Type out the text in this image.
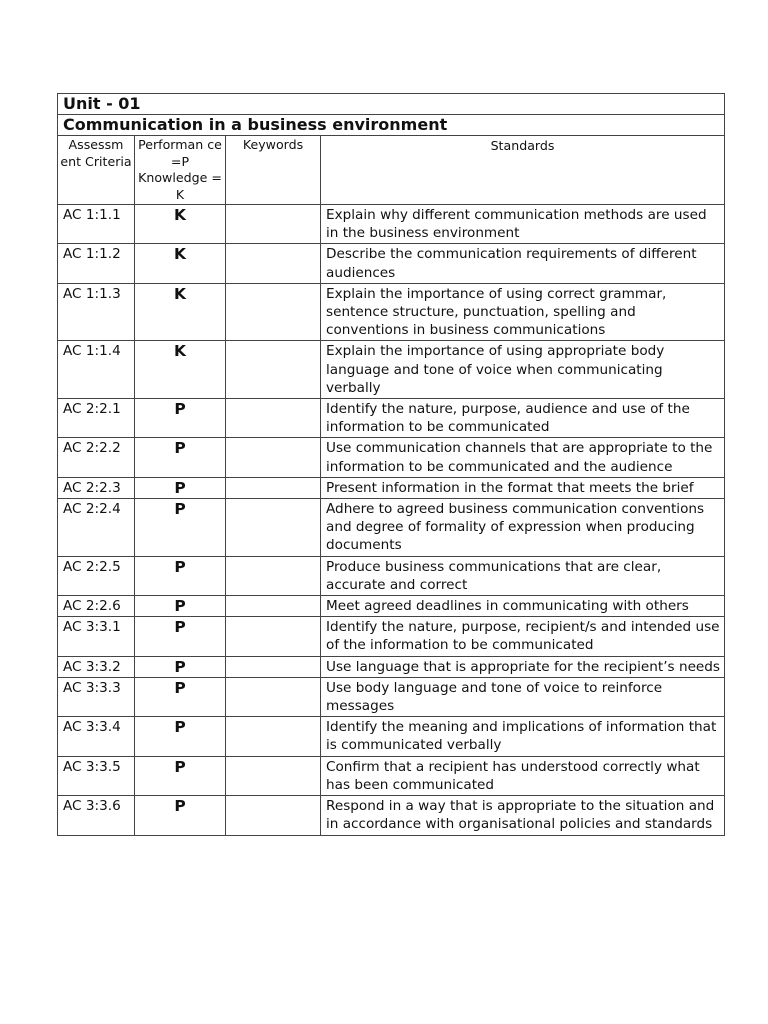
Unit - 01			
Communication in a business environment			
Assessm ent Criteria	Performan ce =P Knowledge = K	Keywords	Standards
AC 1:1.1	K		Explain why different communication methods are used in the business environment
AC 1:1.2	K		Describe the communication requirements of different audiences
AC 1:1.3	K		Explain the importance of using correct grammar, sentence structure, punctuation, spelling and conventions in business communications
AC 1:1.4	K		Explain the importance of using appropriate body language and tone of voice when communicating verbally
AC 2:2.1	P		Identify the nature, purpose, audience and use of the information to be communicated
AC 2:2.2	P		Use communication channels that are appropriate to the information to be communicated and the audience
AC 2:2.3	P		Present information in the format that meets the brief
AC 2:2.4	P		Adhere to agreed business communication conventions and degree of formality of expression when producing documents
AC 2:2.5	P		Produce business communications that are clear, accurate and correct
AC 2:2.6	P		Meet agreed deadlines in communicating with others
AC 3:3.1	P		Identify the nature, purpose, recipient/s and intended use of the information to be communicated
AC 3:3.2	P		Use language that is appropriate for the recipient’s needs
AC 3:3.3	P		Use body language and tone of voice to reinforce messages
AC 3:3.4	P		Identify the meaning and implications of information that is communicated verbally
AC 3:3.5	P		Confirm that a recipient has understood correctly what has been communicated
AC 3:3.6	P		Respond in a way that is appropriate to the situation and in accordance with organisational policies and standards
